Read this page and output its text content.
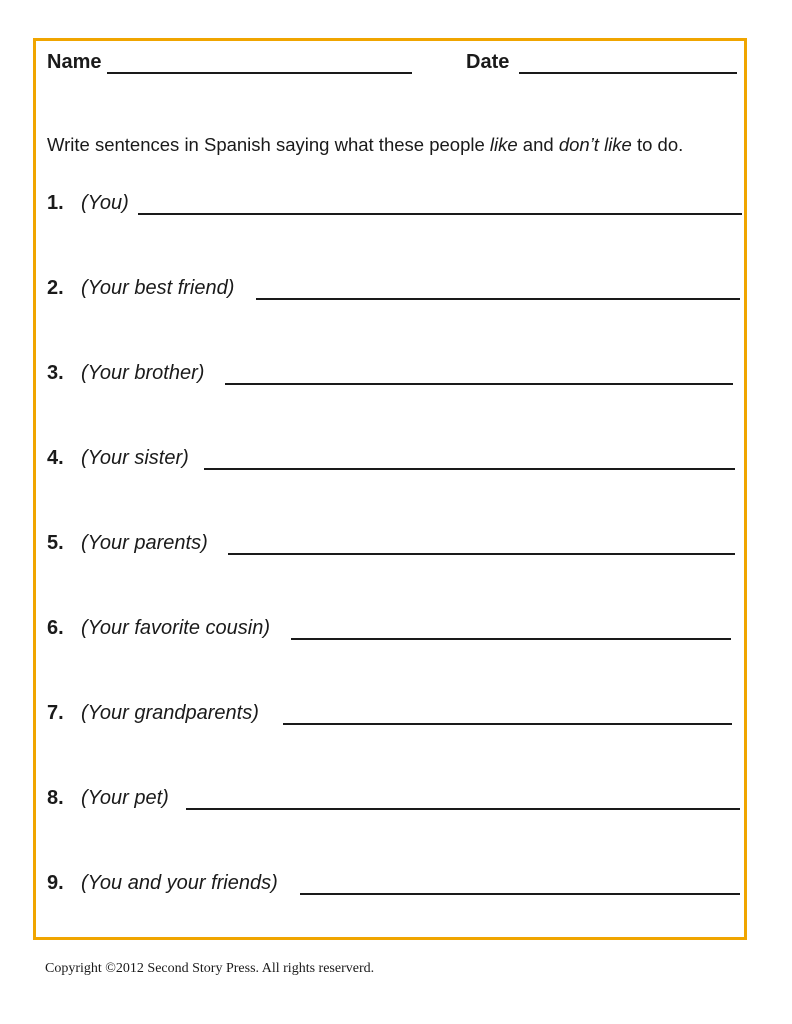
Name	Date
Write sentences in Spanish saying what these people like and don’t like to do.
1. (You)
2. (Your best friend)
3. (Your brother)
4. (Your sister)
5. (Your parents)
6. (Your favorite cousin)
7. (Your grandparents)
8. (Your pet)
9. (You and your friends)
Copyright ©2012 Second Story Press. All rights reserverd.
